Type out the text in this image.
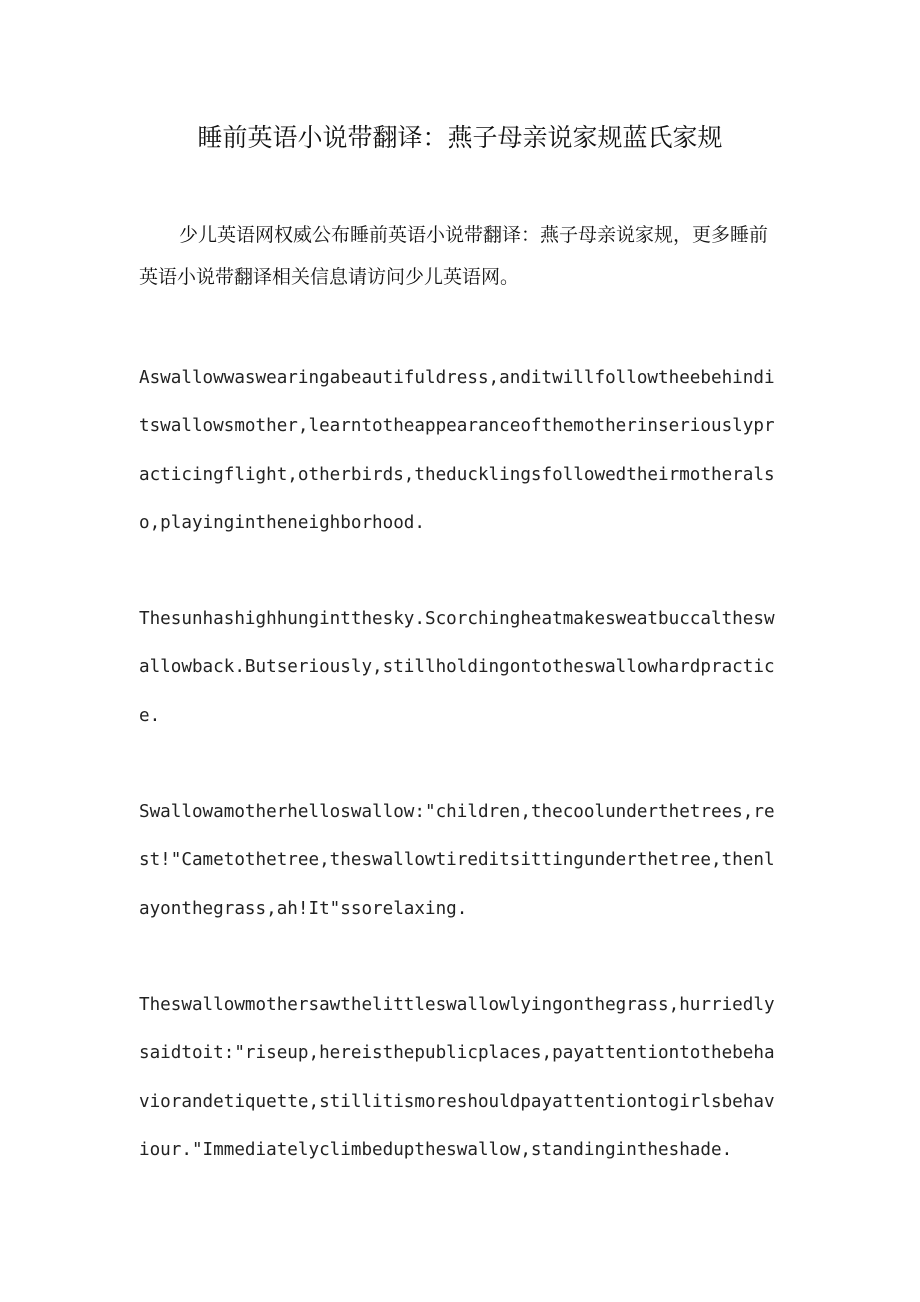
睡前英语小说带翻译：燕子母亲说家规蓝氏家规

少儿英语网权威公布睡前英语小说带翻译：燕子母亲说家规，更多睡前英语小说带翻译相关信息请访问少儿英语网。

Aswallowwaswearingabeautifuldress,anditwillfollowtheebehinditswallowsmother,learntotheappearanceofthemotherinseriouslypracticingflight,otherbirds,theducklingsfollowedtheirmotheralso,playingintheneighborhood.

Thesunhashighhungintthesky.Scorchingheatmakesweatbuccaltheswallowback.Butseriously,stillholdingontotheswallowhardpractice.

Swallowamotherhelloswallow:"children,thecoolunderthetrees,rest!"Cametothetree,theswallowtireditsittingunderthetree,thenlayonthegrass,ah!It"ssorelaxing.

Theswallowmothersawthelittleswallowlyingonthegrass,hurriedlysaidtoit:"riseup,hereisthepublicplaces,payattentiontothebehaviorandetiquette,stillitismoreshouldpayattentiontogirlsbehaviour."Immediatelyclimbeduptheswallow,standingintheshade.
